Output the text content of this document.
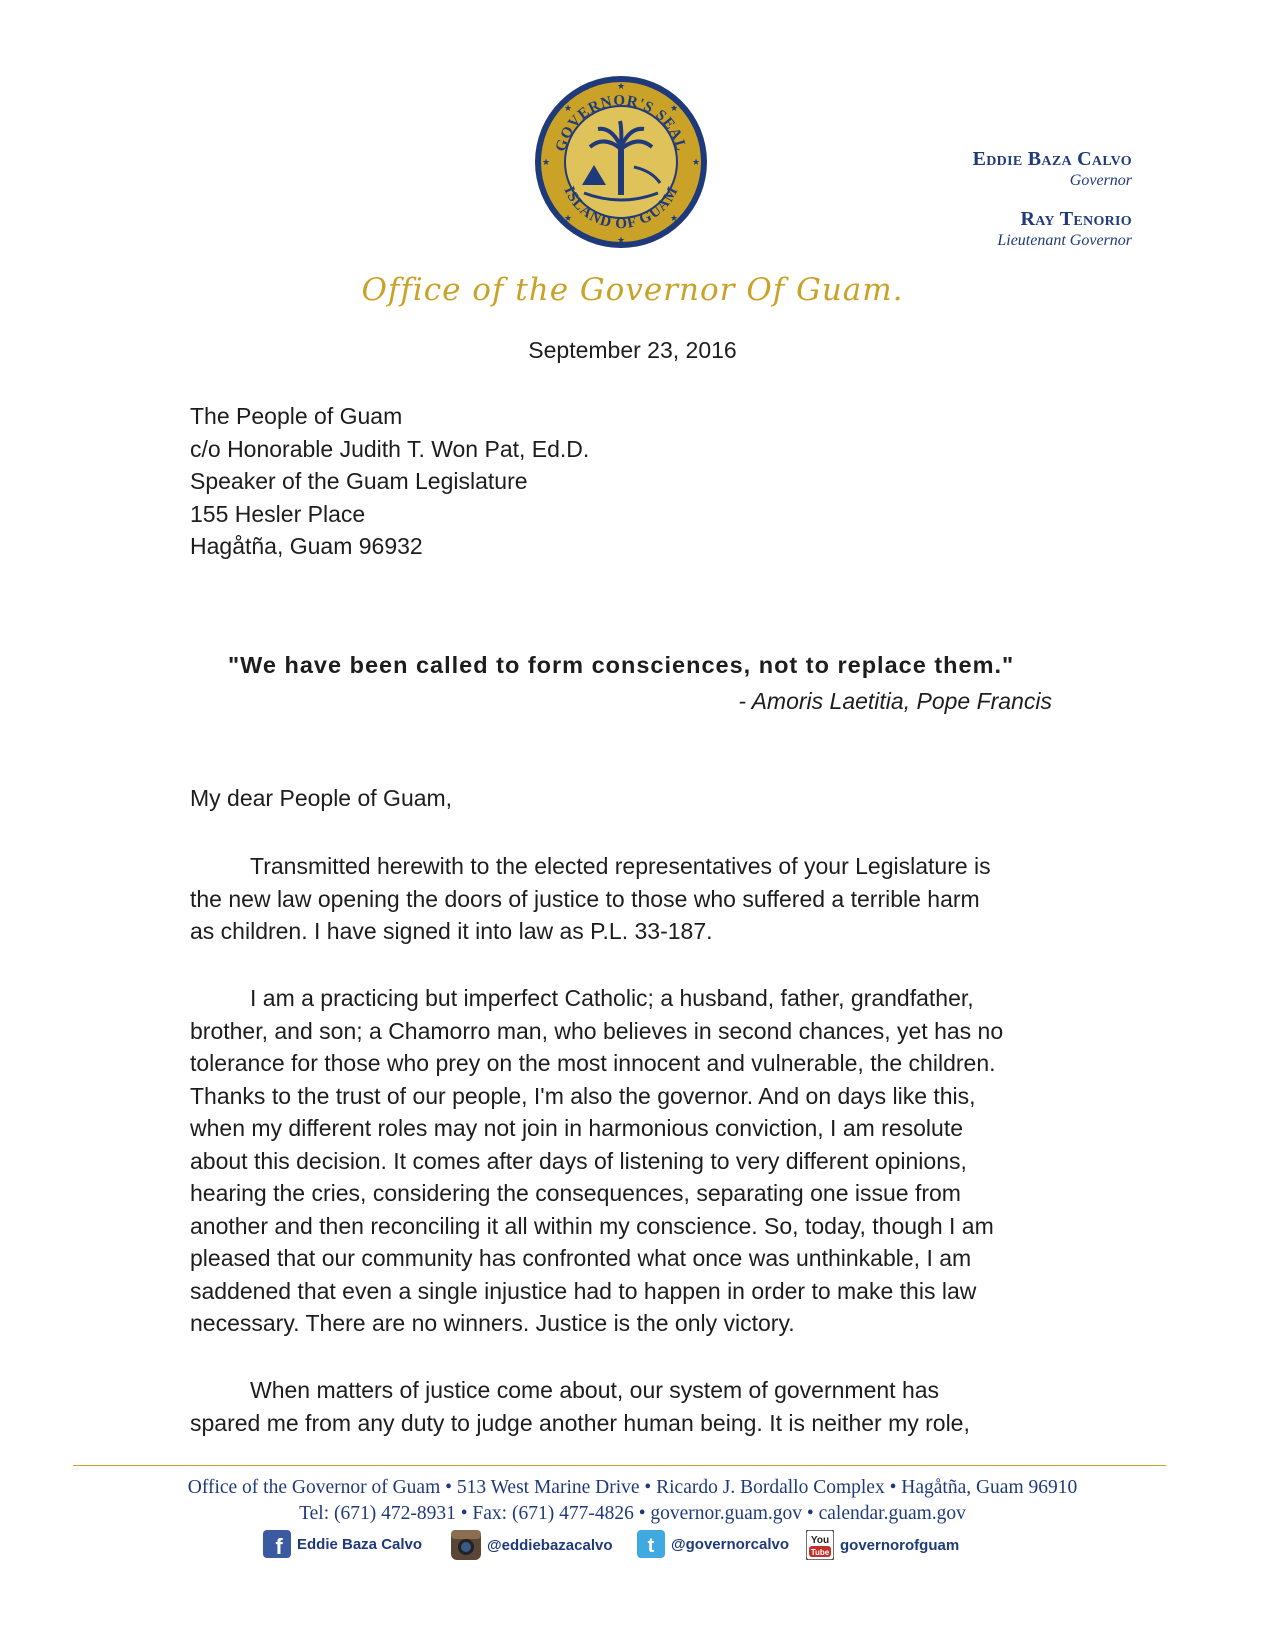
GOVERNOR'S SEAL
ISLAND OF GUAM
★
★
★	★
★	★
★	★
Eddie Baza Calvo
Governor
Ray Tenorio
Lieutenant Governor
Office of the Governor Of Guam.
September 23, 2016
The People of Guam
c/o Honorable Judith T. Won Pat, Ed.D.
Speaker of the Guam Legislature
155 Hesler Place
Hagåtña, Guam 96932
"We have been called to form consciences, not to replace them."
- Amoris Laetitia, Pope Francis
My dear People of Guam,
Transmitted herewith to the elected representatives of your Legislature is
the new law opening the doors of justice to those who suffered a terrible harm
as children. I have signed it into law as P.L. 33-187.
I am a practicing but imperfect Catholic; a husband, father, grandfather,
brother, and son; a Chamorro man, who believes in second chances, yet has no
tolerance for those who prey on the most innocent and vulnerable, the children.
Thanks to the trust of our people, I'm also the governor. And on days like this,
when my different roles may not join in harmonious conviction, I am resolute
about this decision. It comes after days of listening to very different opinions,
hearing the cries, considering the consequences, separating one issue from
another and then reconciling it all within my conscience. So, today, though I am
pleased that our community has confronted what once was unthinkable, I am
saddened that even a single injustice had to happen in order to make this law
necessary. There are no winners. Justice is the only victory.
When matters of justice come about, our system of government has
spared me from any duty to judge another human being. It is neither my role,
Office of the Governor of Guam • 513 West Marine Drive • Ricardo J. Bordallo Complex • Hagåtña, Guam 96910
Tel: (671) 472-8931 • Fax: (671) 477-4826 • governor.guam.gov • calendar.guam.gov
f Eddie Baza Calvo	@eddiebazacalvo t @governorcalvo You
Tube governorofguam
